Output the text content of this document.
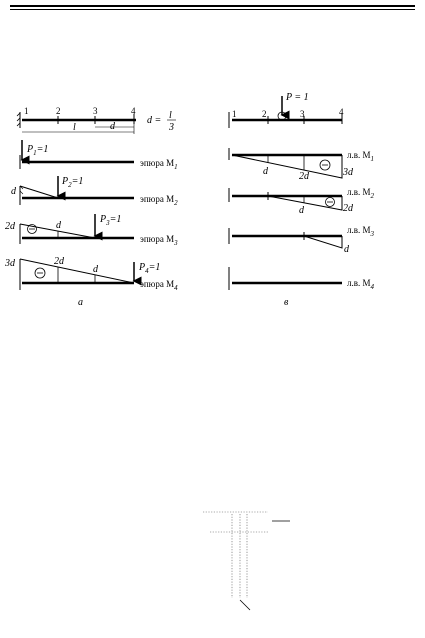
1	2	3	4
l	d
d = l
3
$P_1=1$
эпюра $M_1$
d
$P_2=1$
эпюра $M_2$
2d	d
$P_3=1$
эпюра $M_3$
3d	2d
d	$P_4=1$
эпюра $M_4$
а
P = 1
1	2	3	4
d	2d	3d
л.в. $M_1$
d	2d
л.в. $M_2$
d
л.в. $M_3$
л.в. $M_4$
в
